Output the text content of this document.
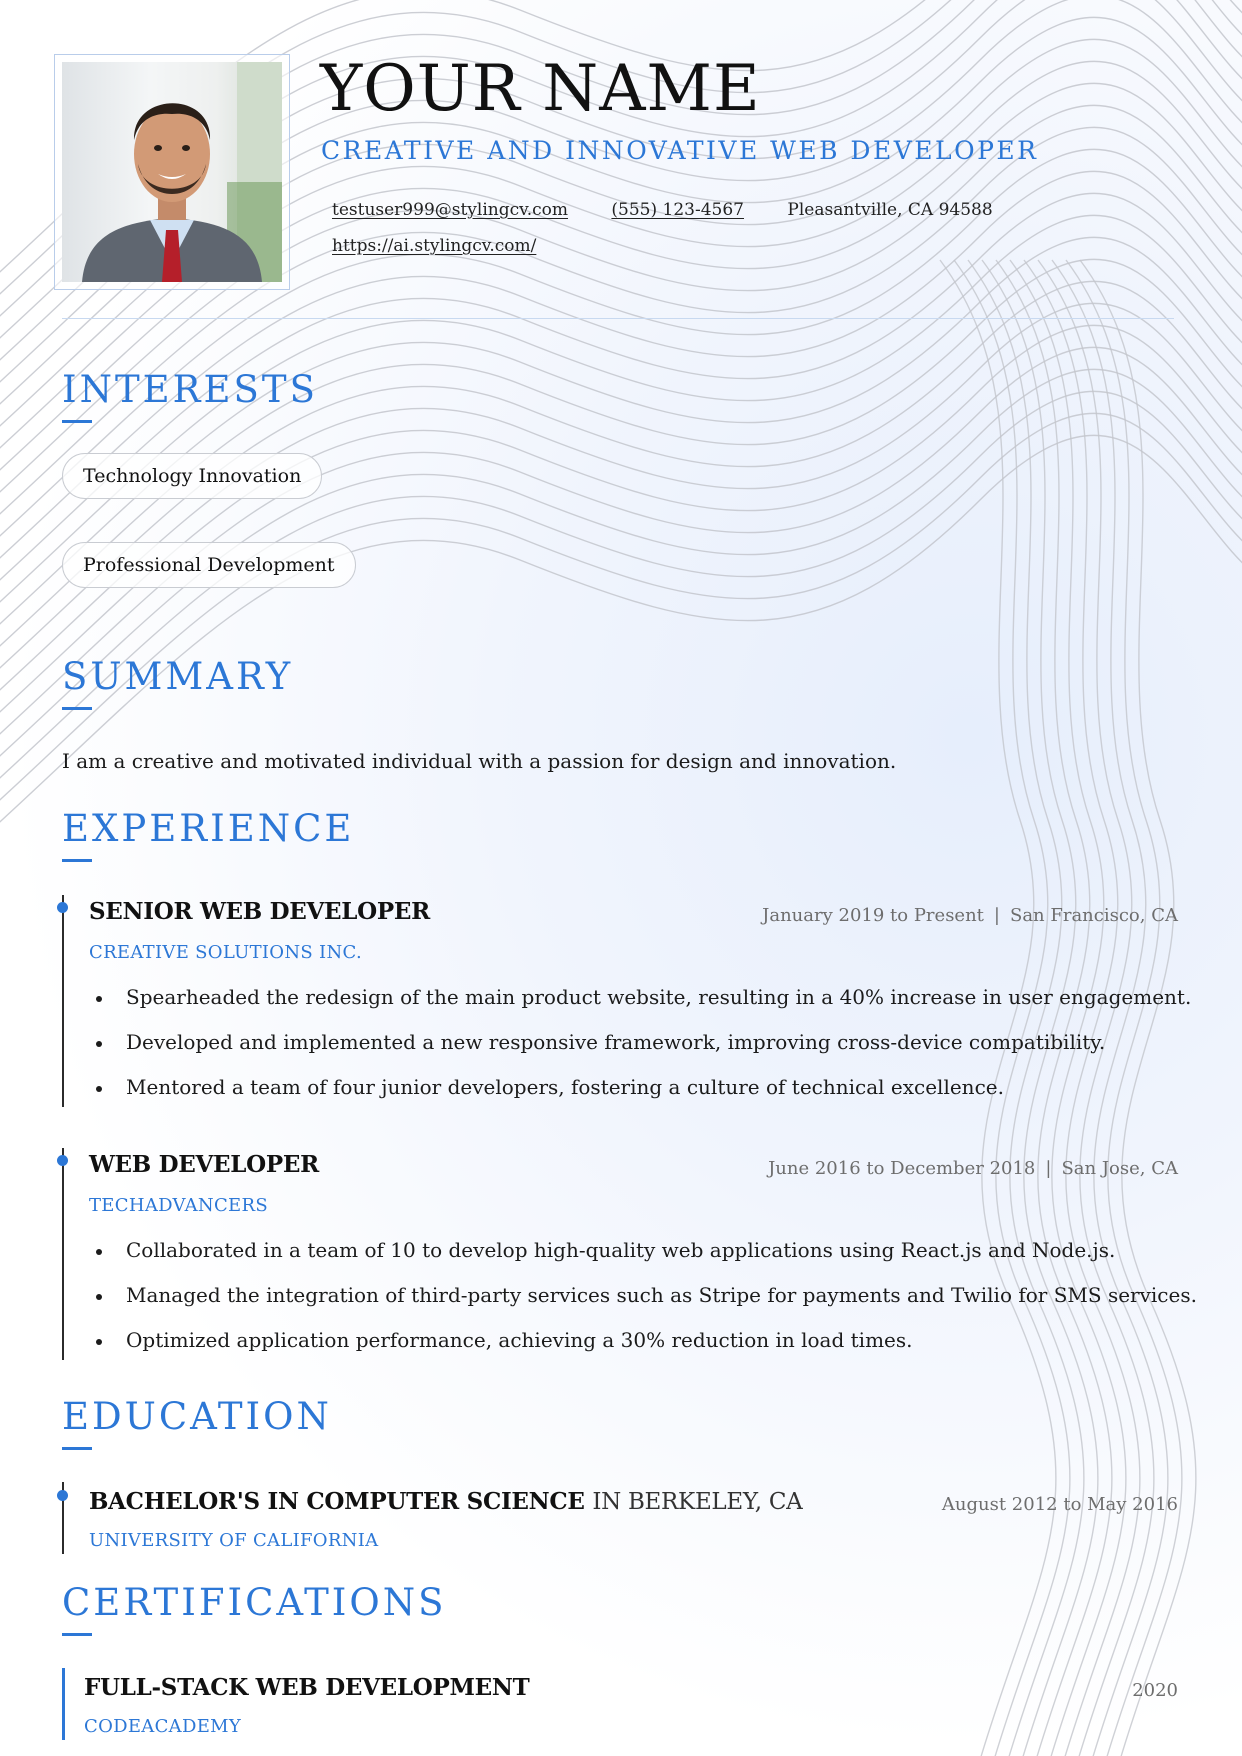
YOUR NAME
CREATIVE AND INNOVATIVE WEB DEVELOPER
testuser999@stylingcv.com	(555) 123-4567	Pleasantville, CA 94588
https://ai.stylingcv.com/
INTERESTS
Technology Innovation
Professional Development
SUMMARY
I am a creative and motivated individual with a passion for design and innovation.
EXPERIENCE
SENIOR WEB DEVELOPER	January 2019 to Present | San Francisco, CA
CREATIVE SOLUTIONS INC.
Spearheaded the redesign of the main product website, resulting in a 40% increase in user engagement.
Developed and implemented a new responsive framework, improving cross-device compatibility.
Mentored a team of four junior developers, fostering a culture of technical excellence.
WEB DEVELOPER	June 2016 to December 2018 | San Jose, CA
TECHADVANCERS
Collaborated in a team of 10 to develop high-quality web applications using React.js and Node.js.
Managed the integration of third-party services such as Stripe for payments and Twilio for SMS services.
Optimized application performance, achieving a 30% reduction in load times.
EDUCATION
BACHELOR'S IN COMPUTER SCIENCE IN BERKELEY, CA	August 2012 to May 2016
UNIVERSITY OF CALIFORNIA
CERTIFICATIONS
FULL-STACK WEB DEVELOPMENT	2020
CODEACADEMY
